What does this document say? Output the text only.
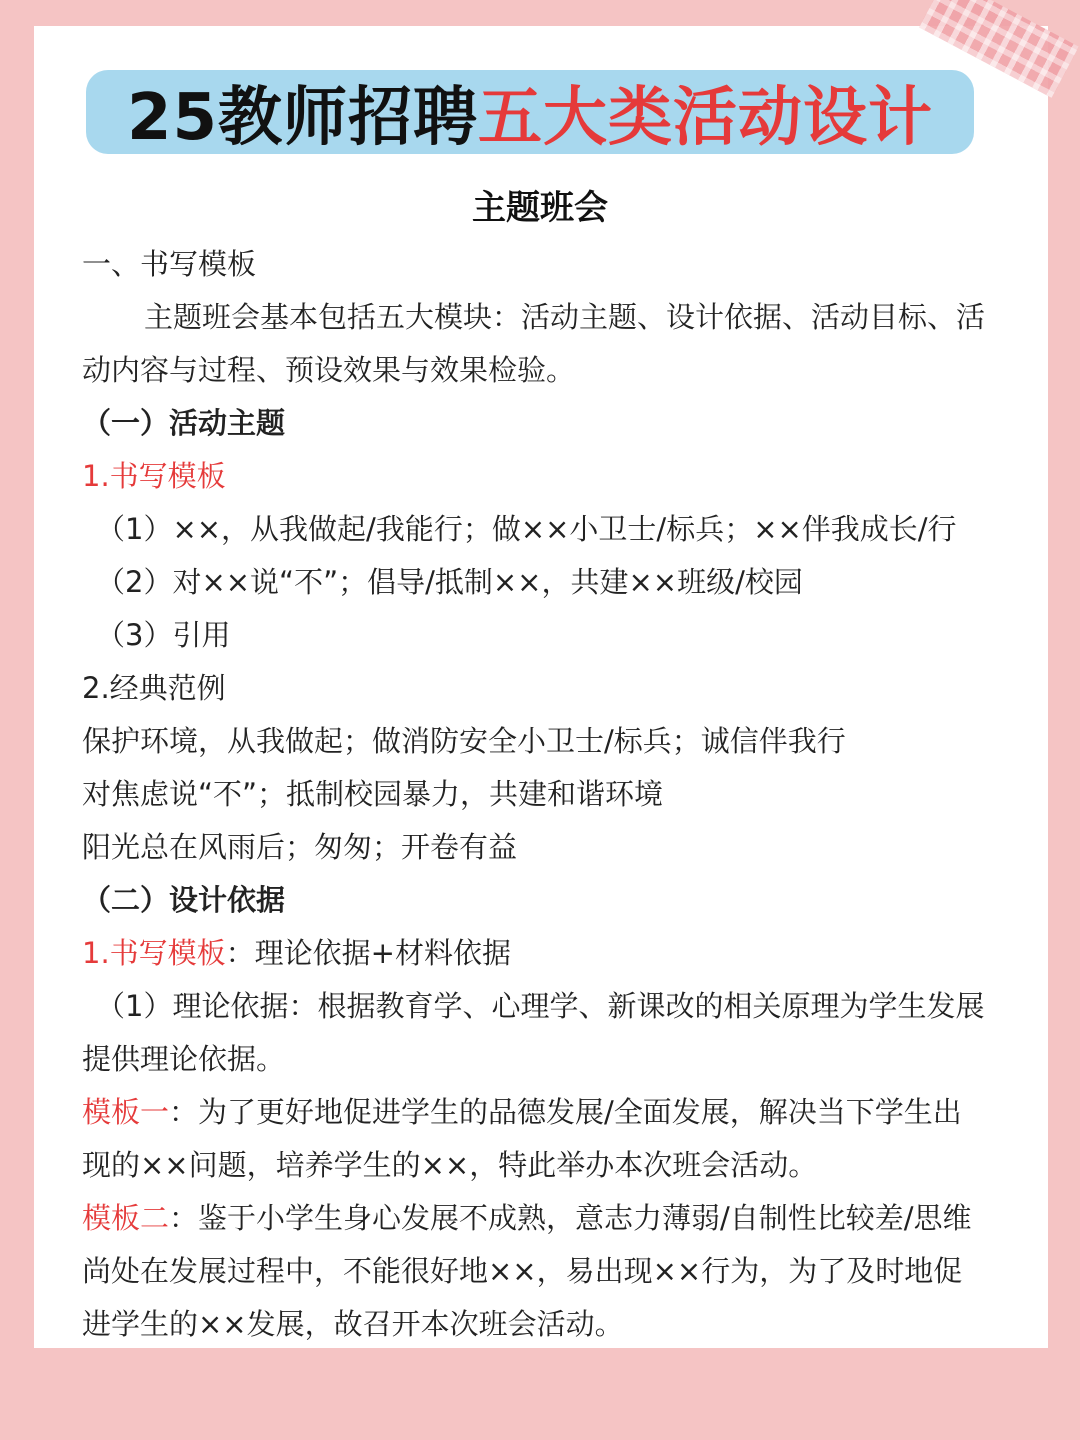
25教师招聘 五大类活动设计
主题班会
一、书写模板
主题班会基本包括五大模块：活动主题、设计依据、活动目标、活
动内容与过程、预设效果与效果检验。
（一）活动主题
1.书写模板
（1）××，从我做起/我能行；做××小卫士/标兵；××伴我成长/行
（2）对××说“不”；倡导/抵制××，共建××班级/校园
（3）引用
2.经典范例
保护环境，从我做起；做消防安全小卫士/标兵；诚信伴我行
对焦虑说“不”；抵制校园暴力，共建和谐环境
阳光总在风雨后；匆匆；开卷有益
（二）设计依据
1.书写模板：理论依据+材料依据
（1）理论依据：根据教育学、心理学、新课改的相关原理为学生发展
提供理论依据。
模板一：为了更好地促进学生的品德发展/全面发展，解决当下学生出
现的××问题，培养学生的××，特此举办本次班会活动。
模板二：鉴于小学生身心发展不成熟，意志力薄弱/自制性比较差/思维
尚处在发展过程中，不能很好地××，易出现××行为，为了及时地促
进学生的××发展，故召开本次班会活动。
